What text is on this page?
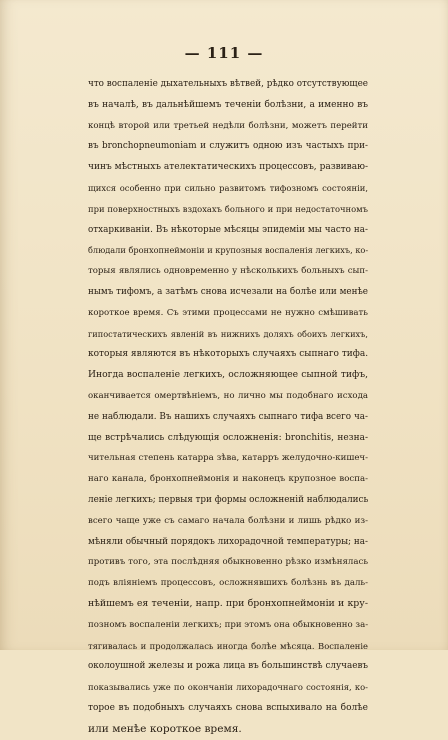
— 111 —
что воспаленіе дыхательныхъ вѣтвей, рѣдко отсутствующее
въ началѣ, въ дальнѣйшемъ теченіи болѣзни, а именно въ
концѣ второй или третьей недѣли болѣзни, можетъ перейти
въ bronchopneumoniam и служитъ одною изъ частыхъ при-
чинъ мѣстныхъ ателектатическихъ процессовъ, развиваю-
щихся особенно при сильно развитомъ тифозномъ состояніи,
при поверхностныхъ вздохахъ больного и при недостаточномъ
отхаркиваніи. Въ нѣкоторые мѣсяцы эпидеміи мы часто на-
блюдали бронхопнеймоніи и крупозныя воспаленія легкихъ, ко-
торыя являлись одновременно у нѣсколькихъ больныхъ сып-
нымъ тифомъ, а затѣмъ снова исчезали на болѣе или менѣе
короткое время. Съ этими процессами не нужно смѣшивать
гипостатическихъ явленій въ нижнихъ доляхъ обоихъ легкихъ,
которыя являются въ нѣкоторыхъ случаяхъ сыпнаго тифа.
Иногда воспаленіе легкихъ, осложняющее сыпной тифъ,
оканчивается омертвѣніемъ, но лично мы подобнаго исхода
не наблюдали. Въ нашихъ случаяхъ сыпнаго тифа всего ча-
ще встрѣчались слѣдующія осложненія: bronchitis, незна-
чительная степень катарра зѣва, катарръ желудочно-кишеч-
наго канала, бронхопнеймонія и наконецъ крупозное воспа-
леніе легкихъ; первыя три формы осложненій наблюдались
всего чаще уже съ самаго начала болѣзни и лишь рѣдко из-
мѣняли обычный порядокъ лихорадочной температуры; на-
противъ того, эта послѣдняя обыкновенно рѣзко измѣнялась
подъ вліяніемъ процессовъ, осложнявшихъ болѣзнь въ даль-
нѣйшемъ ея теченіи, напр. при бронхопнеймоніи и кру-
позномъ воспаленіи легкихъ; при этомъ она обыкновенно за-
тягивалась и продолжалась иногда болѣе мѣсяца. Воспаленіе
околоушной железы и рожа лица въ большинствѣ случаевъ
показывались уже по окончаніи лихорадочнаго состоянія, ко-
торое въ подобныхъ случаяхъ снова вспыхивало на болѣе
или менѣе короткое время.
